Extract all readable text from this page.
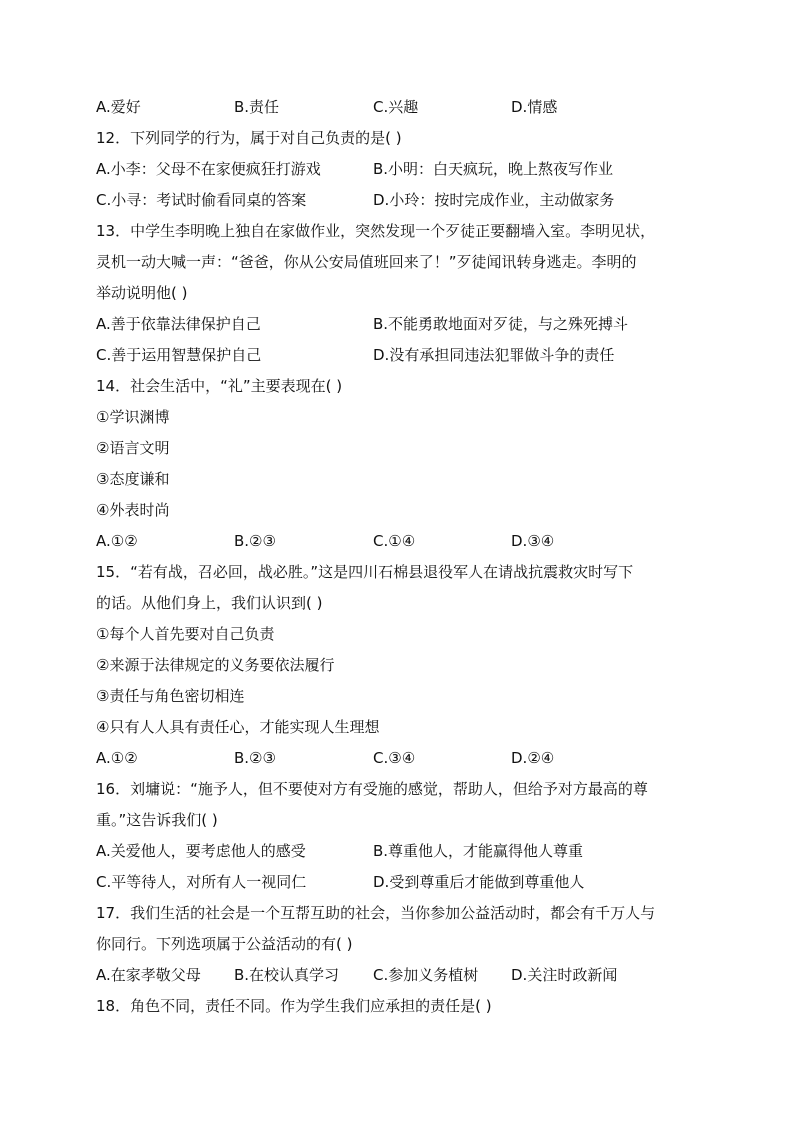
A.爱好	B.责任	C.兴趣	D.情感
12．下列同学的行为，属于对自己负责的是( )
A.小李：父母不在家便疯狂打游戏	B.小明：白天疯玩，晚上熬夜写作业
C.小寻：考试时偷看同桌的答案	D.小玲：按时完成作业，主动做家务
13．中学生李明晚上独自在家做作业，突然发现一个歹徒正要翻墙入室。李明见状，
灵机一动大喊一声：“爸爸，你从公安局值班回来了！”歹徒闻讯转身逃走。李明的
举动说明他( )
A.善于依靠法律保护自己	B.不能勇敢地面对歹徒，与之殊死搏斗
C.善于运用智慧保护自己	D.没有承担同违法犯罪做斗争的责任
14．社会生活中，“礼”主要表现在( )
①学识渊博
②语言文明
③态度谦和
④外表时尚
A.①②	B.②③	C.①④	D.③④
15．“若有战，召必回，战必胜。”这是四川石棉县退役军人在请战抗震救灾时写下
的话。从他们身上，我们认识到( )
①每个人首先要对自己负责
②来源于法律规定的义务要依法履行
③责任与角色密切相连
④只有人人具有责任心，才能实现人生理想
A.①②	B.②③	C.③④	D.②④
16．刘墉说：“施予人，但不要使对方有受施的感觉，帮助人，但给予对方最高的尊
重。”这告诉我们( )
A.关爱他人，要考虑他人的感受	B.尊重他人，才能赢得他人尊重
C.平等待人，对所有人一视同仁	D.受到尊重后才能做到尊重他人
17．我们生活的社会是一个互帮互助的社会，当你参加公益活动时，都会有千万人与
你同行。下列选项属于公益活动的有( )
A.在家孝敬父母 B.在校认真学习 C.参加义务植树 D.关注时政新闻
18．角色不同，责任不同。作为学生我们应承担的责任是( )
